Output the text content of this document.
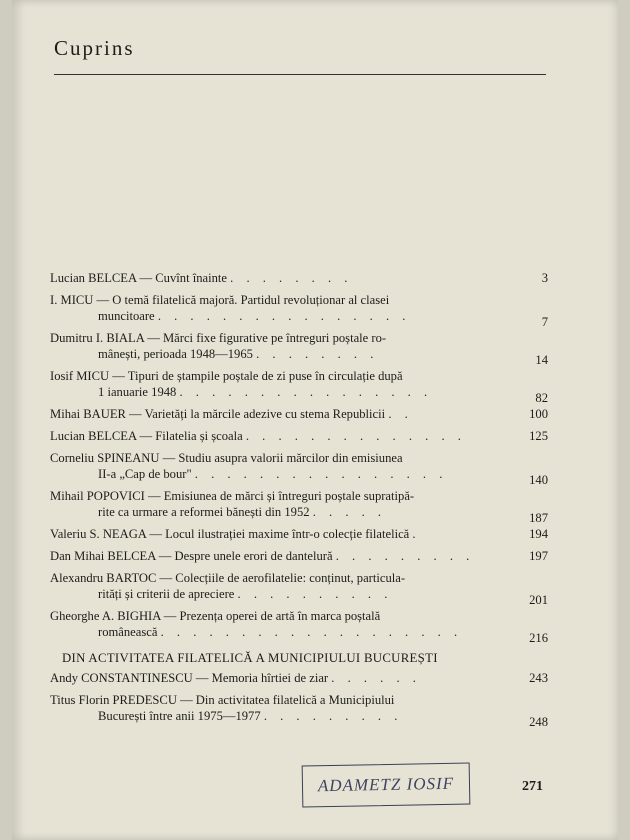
Cuprins
Lucian BELCEA — Cuvînt înainte . . . . . . . .	3
I. MICU — O temă filatelică majoră. Partidul revoluționar al clasei
muncitoare . . . . . . . . . . . . . . . .	7
Dumitru I. BIALA — Mărci fixe figurative pe întreguri poștale ro-
mânești, perioada 1948—1965 . . . . . . . .	14
Iosif MICU — Tipuri de ștampile poștale de zi puse în circulație după
1 ianuarie 1948 . . . . . . . . . . . . . . . .	82
Mihai BAUER — Varietăți la mărcile adezive cu stema Republicii . .	100
Lucian BELCEA — Filatelia și școala . . . . . . . . . . . . . .	125
Corneliu SPINEANU — Studiu asupra valorii mărcilor din emisiunea
II-a „Cap de bour" . . . . . . . . . . . . . . . .	140
Mihail POPOVICI — Emisiunea de mărci și întreguri poștale supratipă-
rite ca urmare a reformei bănești din 1952 . . . . .	187
Valeriu S. NEAGA — Locul ilustrației maxime într-o colecție filatelică .	194
Dan Mihai BELCEA — Despre unele erori de dantelură . . . . . . . . .	197
Alexandru BARTOC — Colecțiile de aerofilatelie: conținut, particula-
rități și criterii de apreciere . . . . . . . . . .	201
Gheorghe A. BIGHIA — Prezența operei de artă în marca poștală
românească . . . . . . . . . . . . . . . . . . .	216
DIN ACTIVITATEA FILATELICĂ A MUNICIPIULUI BUCUREȘTI
Andy CONSTANTINESCU — Memoria hîrtiei de ziar . . . . . .	243
Titus Florin PREDESCU — Din activitatea filatelică a Municipiului
București între anii 1975—1977 . . . . . . . . .	248
ADAMETZ IOSIF	271
